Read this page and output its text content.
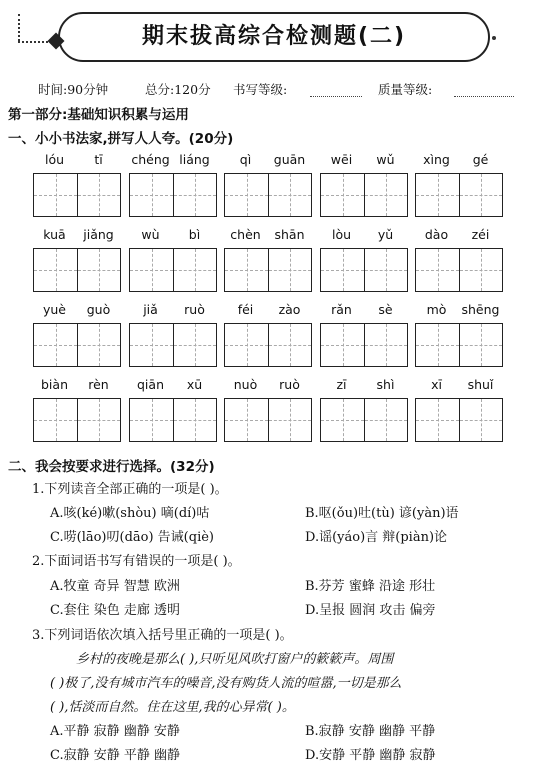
期末拔高综合检测题(二)
时间:90分钟	总分:120分 书写等级:	质量等级:
第一部分:基础知识积累与运用
一、小小书法家,拼写人人夸。(20分)
lóu	tī	chéng liáng	qì	guān	wēi	wǔ	xìng	gé
kuā	jiǎng	wù	bì	chèn	shān	lòu	yǔ	dào	zéi
yuè	guò	jiǎ	ruò	féi	zào	rǎn	sè	mò	shēng
biàn	rèn	qiān	xū	nuò	ruò	zī	shì	xī	shuǐ
二、我会按要求进行选择。(32分)
1.下列读音全部正确的一项是( )。
A.咳(ké)嗽(shòu) 嘀(dí)咕	B.呕(ǒu)吐(tù) 谚(yàn)语
C.唠(lāo)叨(dāo) 告诫(qiè)	D.谣(yáo)言 辩(piàn)论
2.下面词语书写有错误的一项是( )。
A.牧童 奇异 智慧 欧洲	B.芬芳 蜜蜂 沿途 形壮
C.套住 染色 走廊 透明	D.呈报 圆润 攻击 偏旁
3.下列词语依次填入括号里正确的一项是( )。
乡村的夜晚是那么( ),只听见风吹打窗户的簌簌声。周围
( )极了,没有城市汽车的噪音,没有购货人流的喧嚣,一切是那么
( ),恬淡而自然。住在这里,我的心异常( )。
A.平静 寂静 幽静 安静	B.寂静 安静 幽静 平静
C.寂静 安静 平静 幽静	D.安静 平静 幽静 寂静
